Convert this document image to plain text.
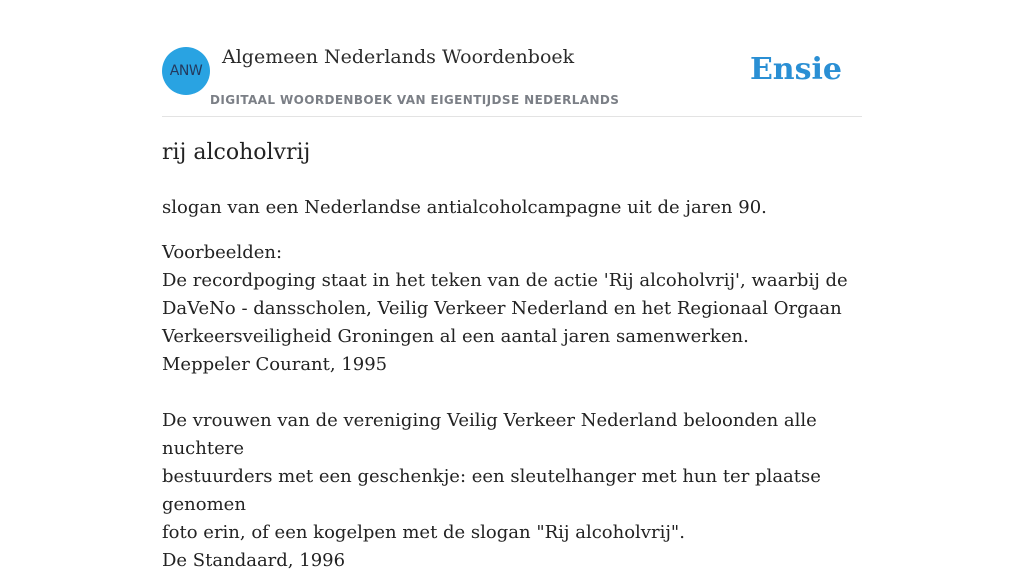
ANW
Algemeen Nederlands Woordenboek
DIGITAAL WOORDENBOEK VAN EIGENTIJDSE NEDERLANDS
Ensie
rij alcoholvrij
slogan van een Nederlandse antialcoholcampagne uit de jaren 90.
Voorbeelden:
De recordpoging staat in het teken van de actie 'Rij alcoholvrij', waarbij de
DaVeNo - dansscholen, Veilig Verkeer Nederland en het Regionaal Orgaan
Verkeersveiligheid Groningen al een aantal jaren samenwerken.
Meppeler Courant, 1995
De vrouwen van de vereniging Veilig Verkeer Nederland beloonden alle nuchtere
bestuurders met een geschenkje: een sleutelhanger met hun ter plaatse genomen
foto erin, of een kogelpen met de slogan "Rij alcoholvrij".
De Standaard, 1996
